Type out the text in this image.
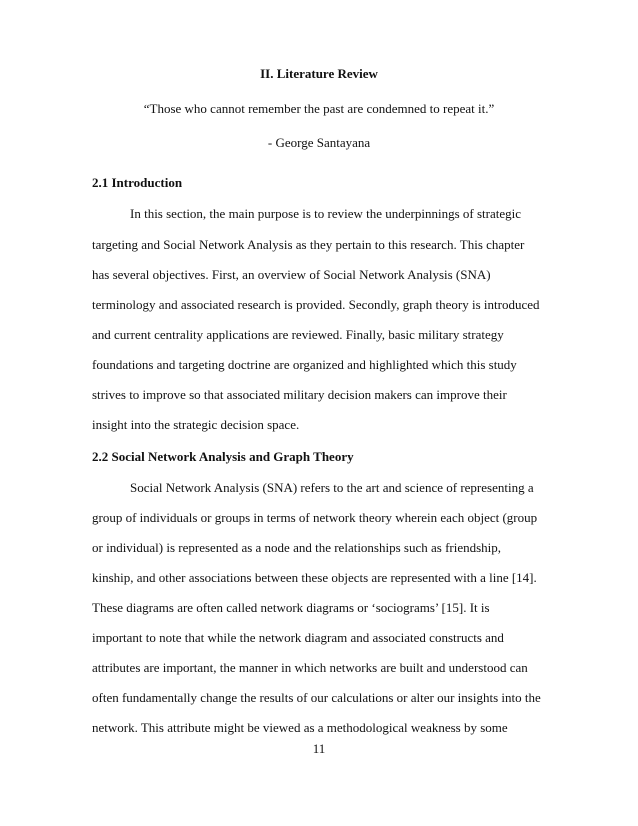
II. Literature Review
“Those who cannot remember the past are condemned to repeat it.”
- George Santayana
2.1 Introduction
In this section, the main purpose is to review the underpinnings of strategic
targeting and Social Network Analysis as they pertain to this research. This chapter
has several objectives. First, an overview of Social Network Analysis (SNA)
terminology and associated research is provided. Secondly, graph theory is introduced
and current centrality applications are reviewed. Finally, basic military strategy
foundations and targeting doctrine are organized and highlighted which this study
strives to improve so that associated military decision makers can improve their
insight into the strategic decision space.
2.2 Social Network Analysis and Graph Theory
Social Network Analysis (SNA) refers to the art and science of representing a
group of individuals or groups in terms of network theory wherein each object (group
or individual) is represented as a node and the relationships such as friendship,
kinship, and other associations between these objects are represented with a line [14].
These diagrams are often called network diagrams or ‘sociograms’ [15]. It is
important to note that while the network diagram and associated constructs and
attributes are important, the manner in which networks are built and understood can
often fundamentally change the results of our calculations or alter our insights into the
network. This attribute might be viewed as a methodological weakness by some
11
